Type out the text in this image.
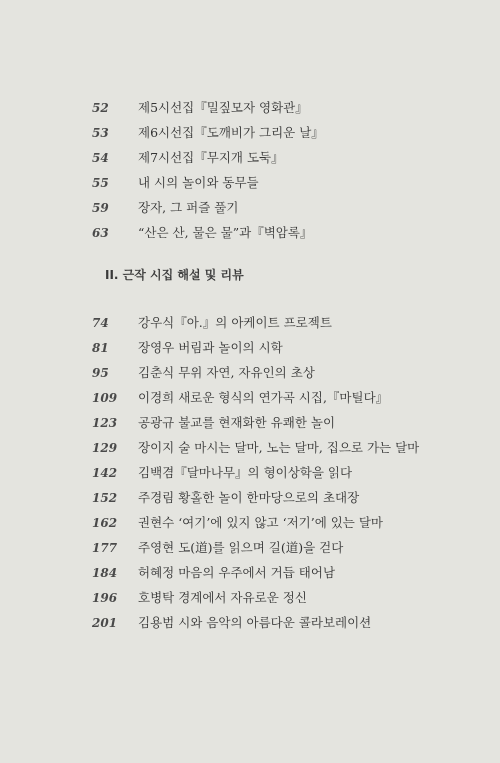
52	제5시선집『밀짚모자 영화관』
53	제6시선집『도깨비가 그리운 날』
54	제7시선집『무지개 도둑』
55	내 시의 놀이와 동무들
59	장자, 그 퍼즐 풀기
63	“산은 산, 물은 물”과『벽암록』
II. 근작 시집 해설 및 리뷰
74	강우식『아.』의 아케이트 프로젝트
81	장영우 버림과 놀이의 시학
95	김춘식 무위 자연, 자유인의 초상
109	이경희 새로운 형식의 연가곡 시집,『마틸다』
123	공광규 불교를 현재화한 유쾌한 놀이
129	장이지 술 마시는 달마, 노는 달마, 집으로 가는 달마
142	김백겸『달마나무』의 형이상학을 읽다
152	주경림 황홀한 놀이 한마당으로의 초대장
162	권현수 ‘여기’에 있지 않고 ‘저기’에 있는 달마
177	주영현 도(道)를 읽으며 길(道)을 걷다
184	허혜정 마음의 우주에서 거듭 태어남
196	호병탁 경계에서 자유로운 정신
201	김용범 시와 음악의 아름다운 콜라보레이션
